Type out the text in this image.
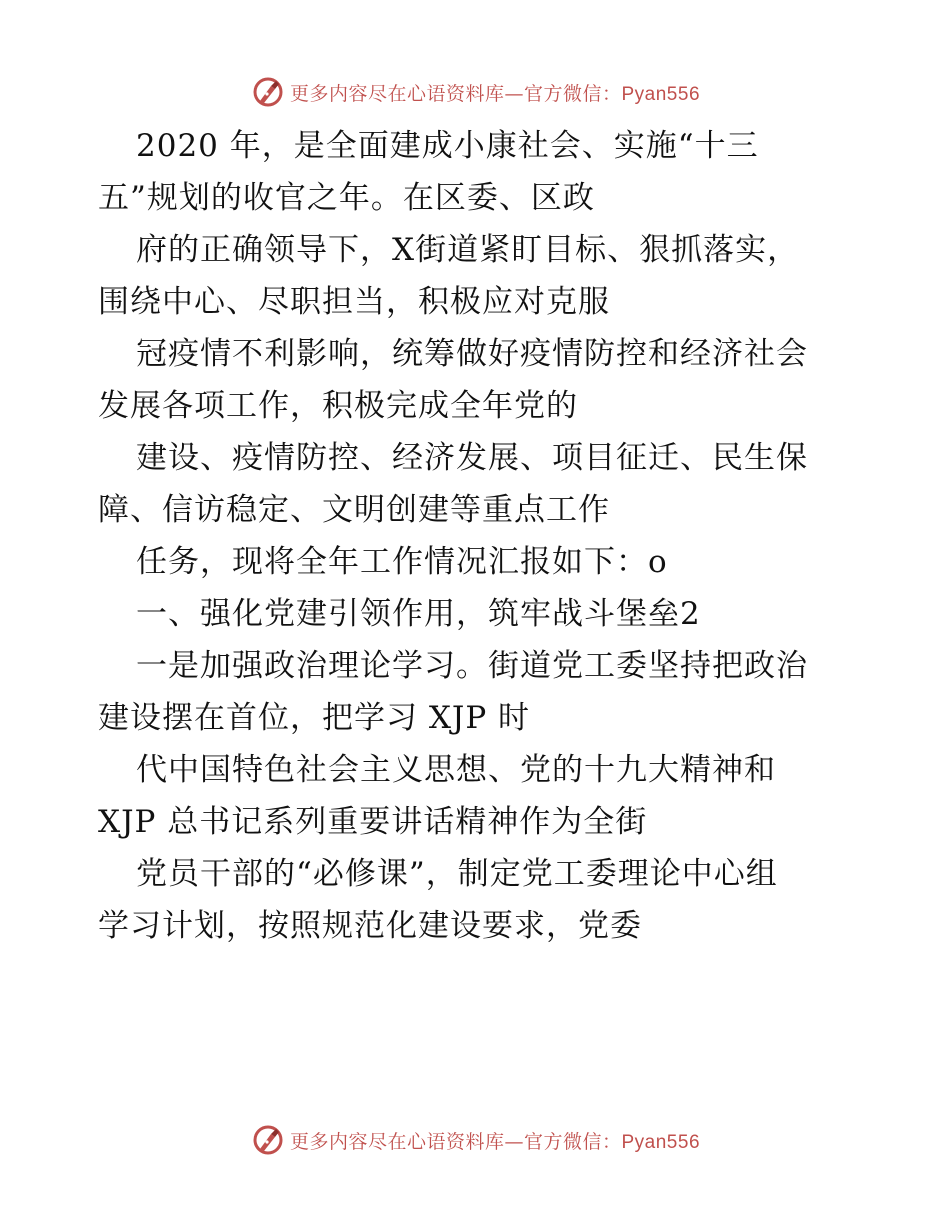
更多内容尽在心语资料库—官方微信：Pyan556
2020 年，是全面建成小康社会、实施“十三
五”规划的收官之年。在区委、区政
府的正确领导下，X街道紧盯目标、狠抓落实，
围绕中心、尽职担当，积极应对克服
冠疫情不利影响，统筹做好疫情防控和经济社会
发展各项工作，积极完成全年党的
建设、疫情防控、经济发展、项目征迁、民生保
障、信访稳定、文明创建等重点工作
任务，现将全年工作情况汇报如下：o
一、强化党建引领作用，筑牢战斗堡垒2
一是加强政治理论学习。街道党工委坚持把政治
建设摆在首位，把学习 XJP 时
代中国特色社会主义思想、党的十九大精神和
XJP 总书记系列重要讲话精神作为全街
党员干部的“必修课”，制定党工委理论中心组
学习计划，按照规范化建设要求，党委
更多内容尽在心语资料库—官方微信：Pyan556
